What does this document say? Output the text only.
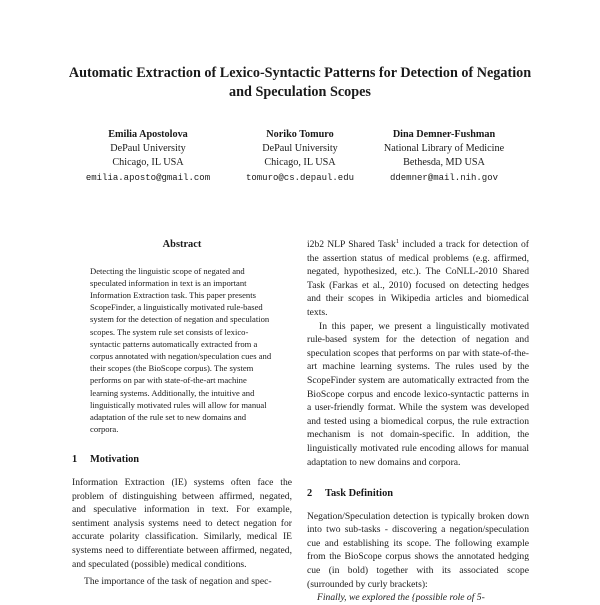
Automatic Extraction of Lexico-Syntactic Patterns for Detection of Negation and Speculation Scopes
Emilia Apostolova
DePaul University
Chicago, IL USA
emilia.aposto@gmail.com
Noriko Tomuro
DePaul University
Chicago, IL USA
tomuro@cs.depaul.edu
Dina Demner-Fushman
National Library of Medicine
Bethesda, MD USA
ddemner@mail.nih.gov
Abstract

Detecting the linguistic scope of negated and speculated information in text is an important Information Extraction task. This paper presents ScopeFinder, a linguistically motivated rule-based system for the detection of negation and speculation scopes. The system rule set consists of lexico-syntactic patterns automatically extracted from a corpus annotated with negation/speculation cues and their scopes (the BioScope corpus). The system performs on par with state-of-the-art machine learning systems. Additionally, the intuitive and linguistically motivated rules will allow for manual adaptation of the rule set to new domains and corpora.

1 Motivation

Information Extraction (IE) systems often face the problem of distinguishing between affirmed, negated, and speculative information in text. For example, sentiment analysis systems need to detect negation for accurate polarity classification. Similarly, medical IE systems need to differentiate between affirmed, negated, and speculated (possible) medical conditions.

The importance of the task of negation and spec-

i2b2 NLP Shared Task$^1$ included a track for detection of the assertion status of medical problems (e.g. affirmed, negated, hypothesized, etc.). The CoNLL-2010 Shared Task (Farkas et al., 2010) focused on detecting hedges and their scopes in Wikipedia articles and biomedical texts.

In this paper, we present a linguistically motivated rule-based system for the detection of negation and speculation scopes that performs on par with state-of-the-art machine learning systems. The rules used by the ScopeFinder system are automatically extracted from the BioScope corpus and encode lexico-syntactic patterns in a user-friendly format. While the system was developed and tested using a biomedical corpus, the rule extraction mechanism is not domain-specific. In addition, the linguistically motivated rule encoding allows for manual adaptation to new domains and corpora.

2 Task Definition

Negation/Speculation detection is typically broken down into two sub-tasks - discovering a negation/speculation cue and establishing its scope. The following example from the BioScope corpus shows the annotated hedging cue (in bold) together with its associated scope (surrounded by curly brackets):

Finally, we explored the {possible role of 5-
